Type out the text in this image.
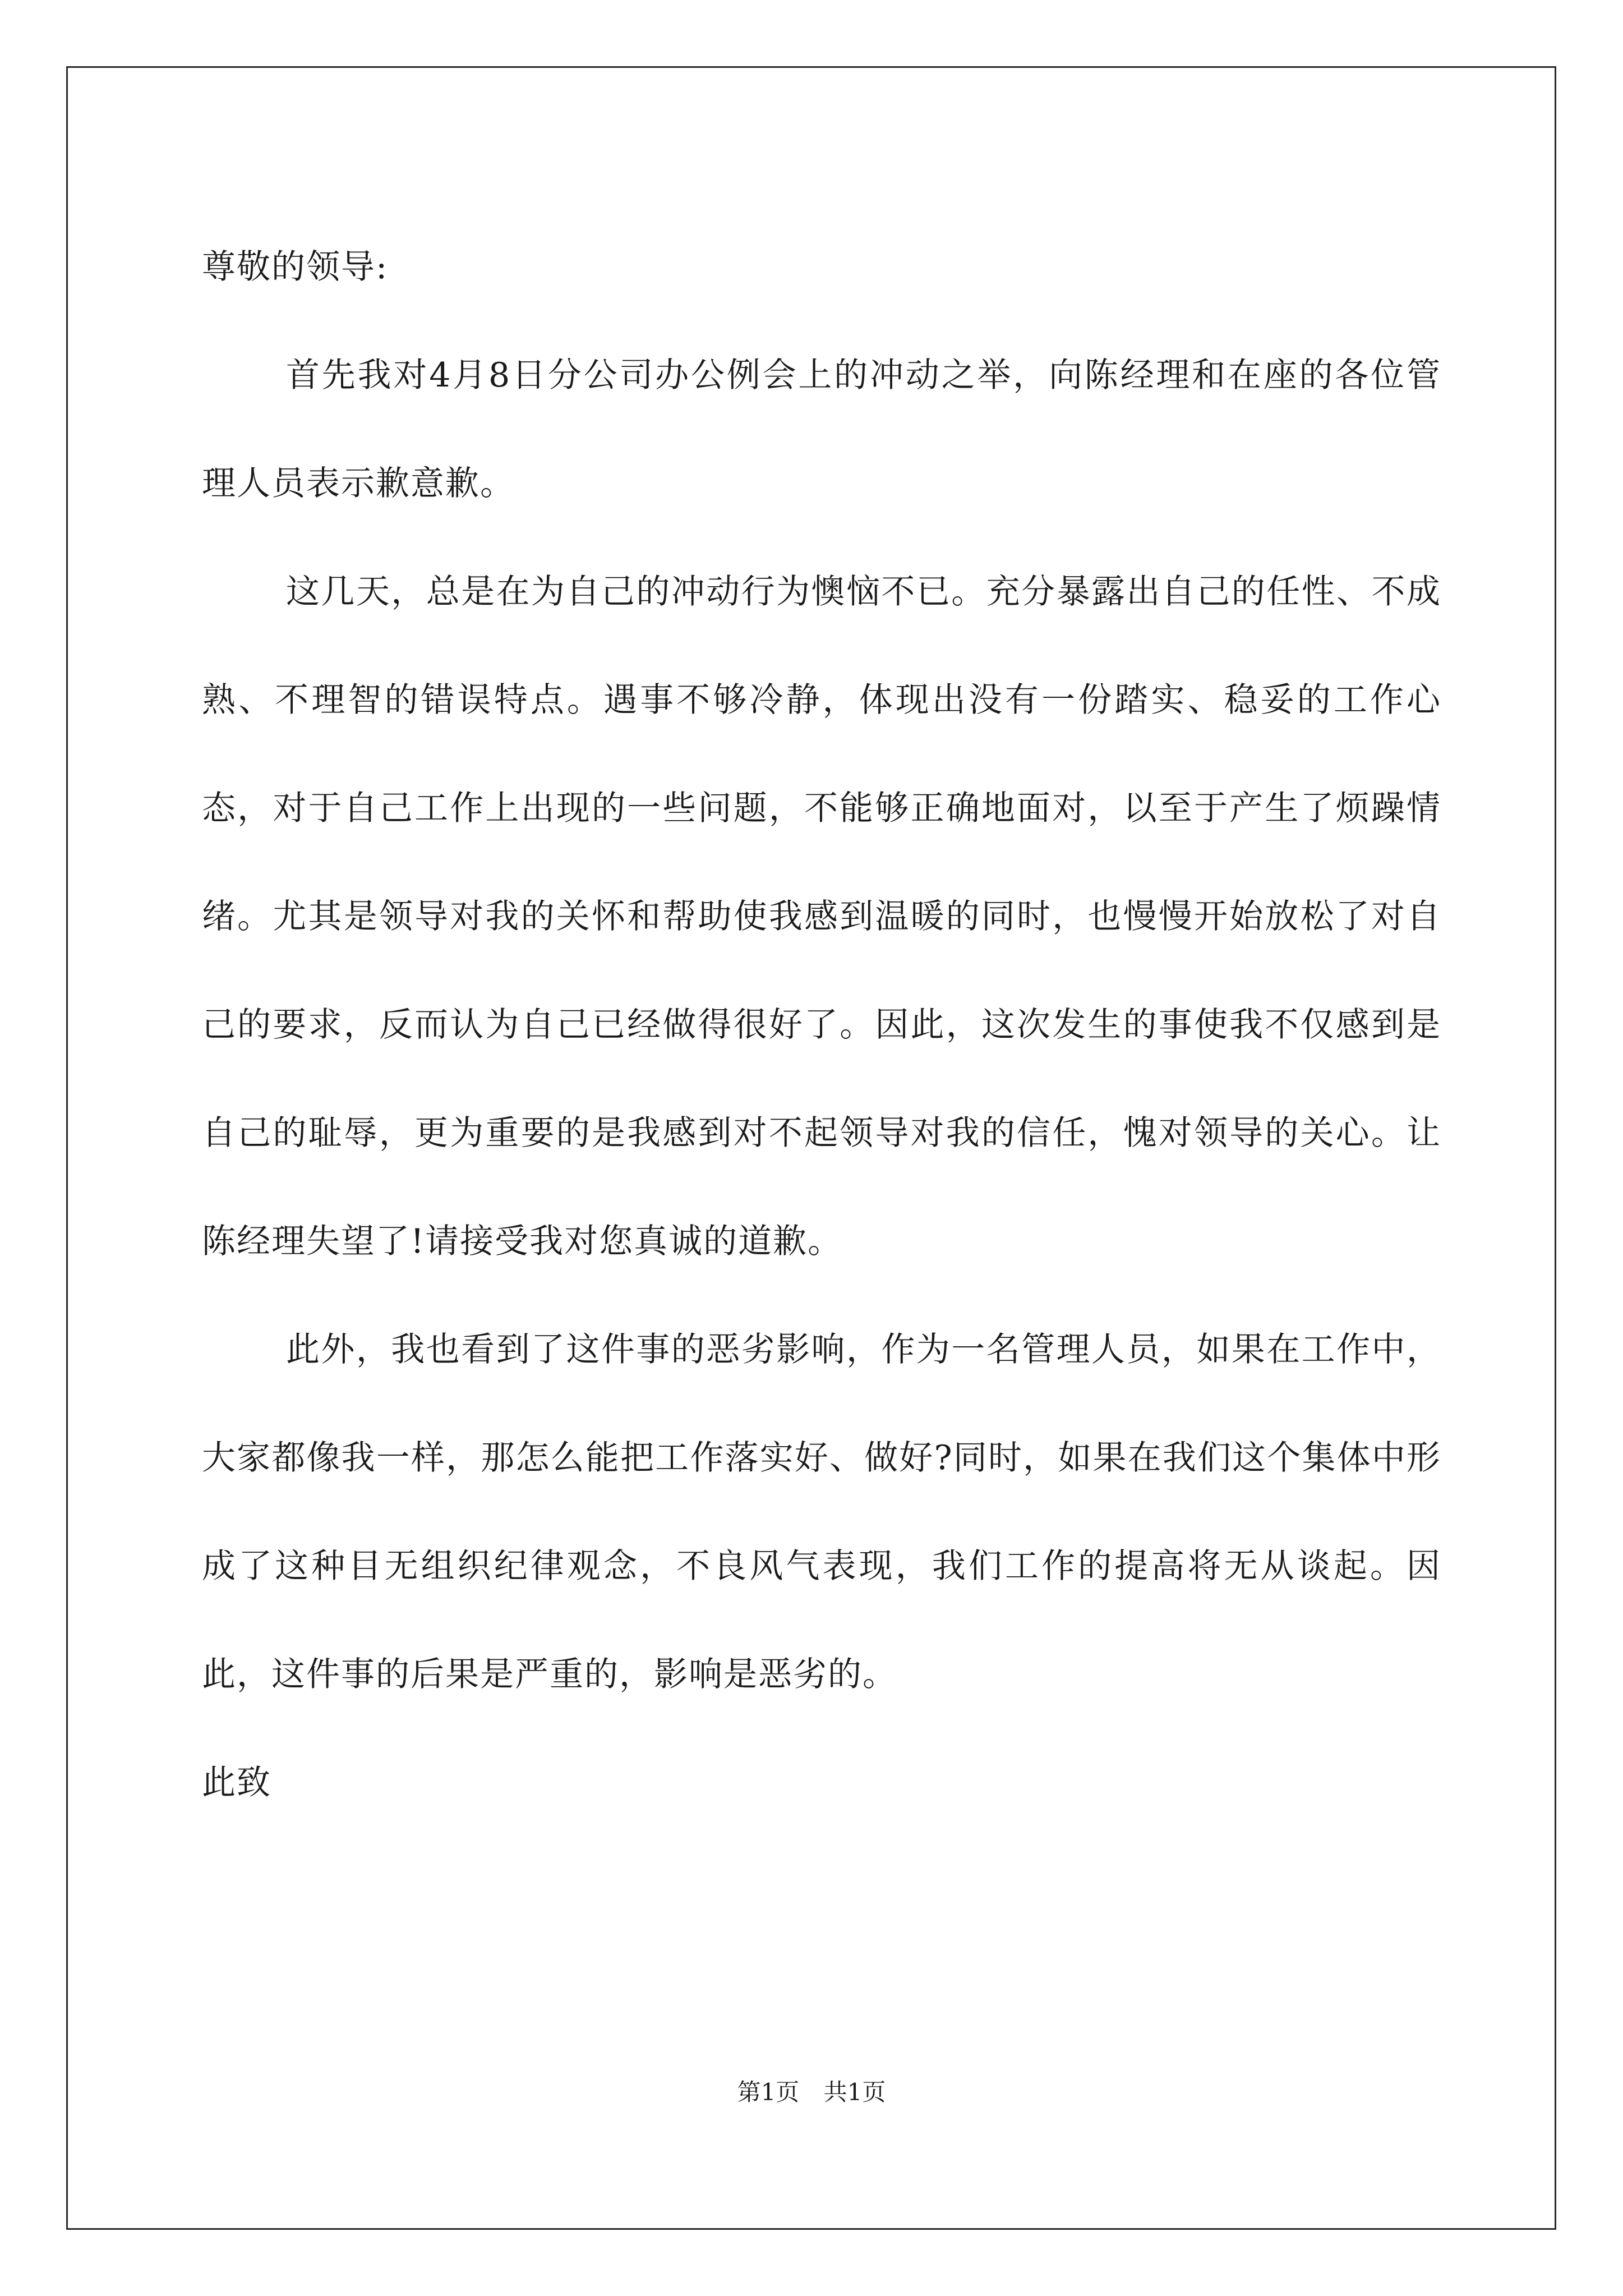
尊敬的领导:

首先我对4月8日分公司办公例会上的冲动之举，向陈经理和在座的各位管理人员表示歉意歉。

这几天，总是在为自己的冲动行为懊恼不已。充分暴露出自己的任性、不成熟、不理智的错误特点。遇事不够冷静，体现出没有一份踏实、稳妥的工作心态，对于自己工作上出现的一些问题，不能够正确地面对，以至于产生了烦躁情绪。尤其是领导对我的关怀和帮助使我感到温暖的同时，也慢慢开始放松了对自己的要求，反而认为自己已经做得很好了。因此，这次发生的事使我不仅感到是自己的耻辱，更为重要的是我感到对不起领导对我的信任，愧对领导的关心。让陈经理失望了!请接受我对您真诚的道歉。

此外，我也看到了这件事的恶劣影响，作为一名管理人员，如果在工作中，大家都像我一样，那怎么能把工作落实好、做好?同时，如果在我们这个集体中形成了这种目无组织纪律观念，不良风气表现，我们工作的提高将无从谈起。因此，这件事的后果是严重的，影响是恶劣的。

此致

第1页 共1页
